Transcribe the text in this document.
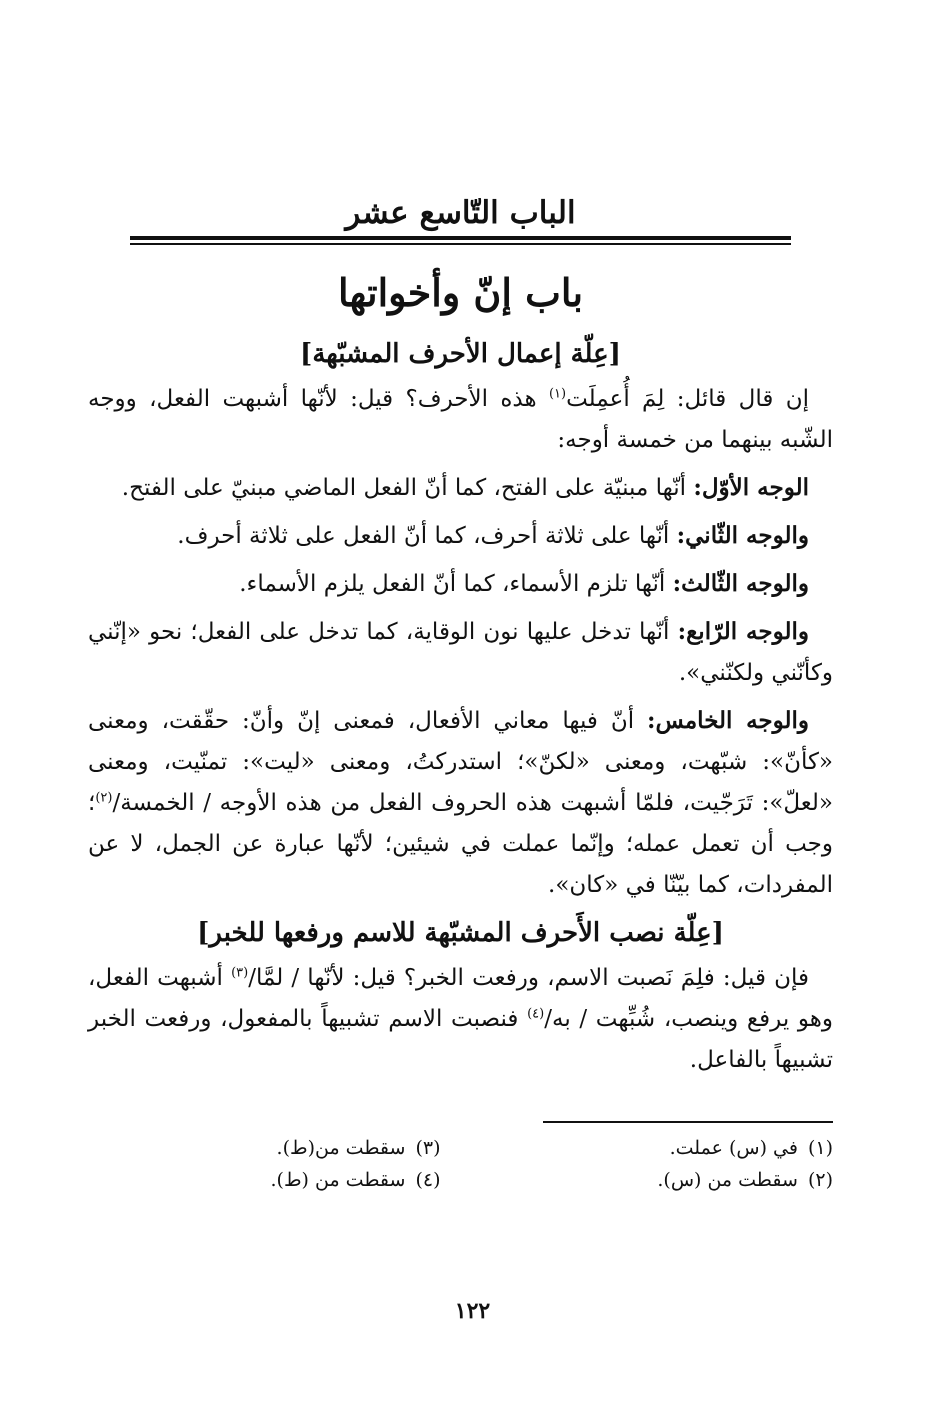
الباب التّاسع عشر
باب إنّ وأخواتها
[عِلّة إعمال الأحرف المشبّهة]

إن قال قائل: لِمَ أُعمِلَت$^{(١)}$ هذه الأحرف؟ قيل: لأنّها أشبهت الفعل، ووجه الشّبه بينهما من خمسة أوجه:

الوجه الأوّل: أنّها مبنيّة على الفتح، كما أنّ الفعل الماضي مبنيّ على الفتح.

والوجه الثّاني: أنّها على ثلاثة أحرف، كما أنّ الفعل على ثلاثة أحرف.

والوجه الثّالث: أنّها تلزم الأسماء، كما أنّ الفعل يلزم الأسماء.

والوجه الرّابع: أنّها تدخل عليها نون الوقاية، كما تدخل على الفعل؛ نحو «إنّني وكأنّني ولكنّني».

والوجه الخامس: أنّ فيها معاني الأفعال، فمعنى إنّ وأنّ: حقّقت، ومعنى «كأنّ»: شبّهت، ومعنى «لكنّ»؛ استدركتُ، ومعنى «ليت»: تمنّيت، ومعنى «لعلّ»: تَرَجّيت، فلمّا أشبهت هذه الحروف الفعل من هذه الأوجه / الخمسة/$^{(٢)}$؛ وجب أن تعمل عمله؛ وإنّما عملت في شيئين؛ لأنّها عبارة عن الجمل، لا عن المفردات، كما بيّنّا في «كان».

[عِلّة نصب الأَحرف المشبّهة للاسم ورفعها للخبر]

فإن قيل: فلِمَ نَصبت الاسم، ورفعت الخبر؟ قيل: لأنّها / لمَّا/$^{(٣)}$ أشبهت الفعل، وهو يرفع وينصب، شُبِّهت / به/$^{(٤)}$ فنصبت الاسم تشبيهاً بالمفعول، ورفعت الخبر تشبيهاً بالفاعل.

(١)في (س) عملت.
(٣)سقطت من(ط).
(٢)سقطت من (س).
(٤)سقطت من (ط).
١٢٢
